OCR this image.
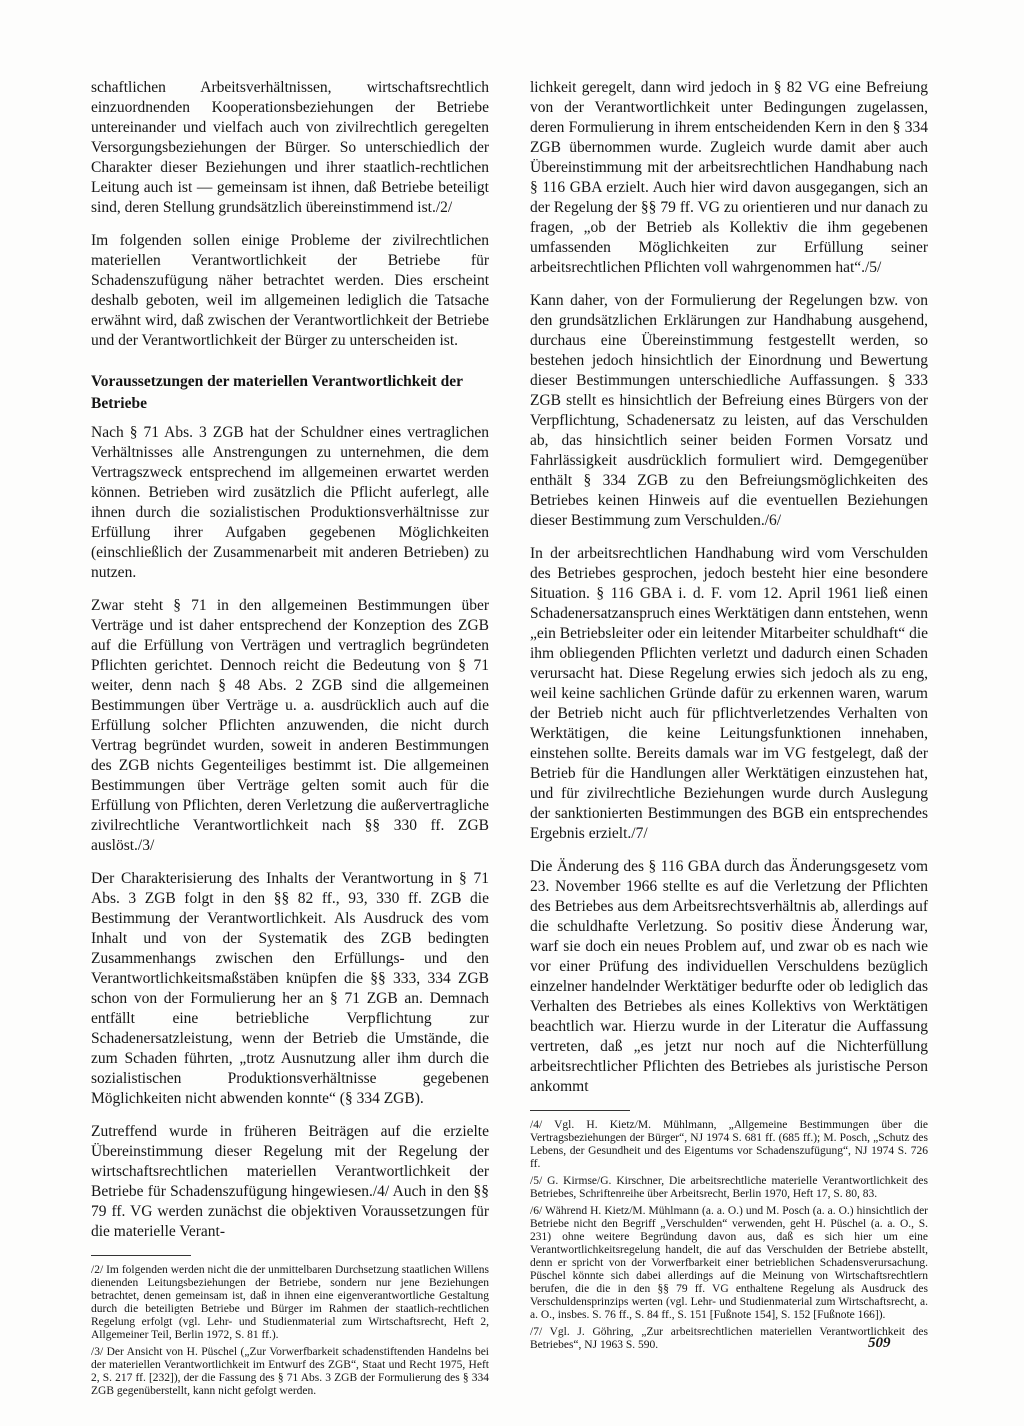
schaftlichen Arbeitsverhältnissen, wirtschaftsrechtlich einzuordnenden Kooperationsbeziehungen der Betriebe untereinander und vielfach auch von zivilrechtlich geregelten Versorgungsbeziehungen der Bürger. So unterschiedlich der Charakter dieser Beziehungen und ihrer staatlich-rechtlichen Leitung auch ist — gemeinsam ist ihnen, daß Betriebe beteiligt sind, deren Stellung grundsätzlich übereinstimmend ist./2/

Im folgenden sollen einige Probleme der zivilrechtlichen materiellen Verantwortlichkeit der Betriebe für Schadenszufügung näher betrachtet werden. Dies erscheint deshalb geboten, weil im allgemeinen lediglich die Tatsache erwähnt wird, daß zwischen der Verantwortlichkeit der Betriebe und der Verantwortlichkeit der Bürger zu unterscheiden ist.

Voraussetzungen der materiellen Verantwortlichkeit der Betriebe

Nach § 71 Abs. 3 ZGB hat der Schuldner eines vertraglichen Verhältnisses alle Anstrengungen zu unternehmen, die dem Vertragszweck entsprechend im allgemeinen erwartet werden können. Betrieben wird zusätzlich die Pflicht auferlegt, alle ihnen durch die sozialistischen Produktionsverhältnisse zur Erfüllung ihrer Aufgaben gegebenen Möglichkeiten (einschließlich der Zusammenarbeit mit anderen Betrieben) zu nutzen.

Zwar steht § 71 in den allgemeinen Bestimmungen über Verträge und ist daher entsprechend der Konzeption des ZGB auf die Erfüllung von Verträgen und vertraglich begründeten Pflichten gerichtet. Dennoch reicht die Bedeutung von § 71 weiter, denn nach § 48 Abs. 2 ZGB sind die allgemeinen Bestimmungen über Verträge u. a. ausdrücklich auch auf die Erfüllung solcher Pflichten anzuwenden, die nicht durch Vertrag begründet wurden, soweit in anderen Bestimmungen des ZGB nichts Gegenteiliges bestimmt ist. Die allgemeinen Bestimmungen über Verträge gelten somit auch für die Erfüllung von Pflichten, deren Verletzung die außervertragliche zivilrechtliche Verantwortlichkeit nach §§ 330 ff. ZGB auslöst./3/

Der Charakterisierung des Inhalts der Verantwortung in § 71 Abs. 3 ZGB folgt in den §§ 82 ff., 93, 330 ff. ZGB die Bestimmung der Verantwortlichkeit. Als Ausdruck des vom Inhalt und von der Systematik des ZGB bedingten Zusammenhangs zwischen den Erfüllungs- und den Verantwortlichkeitsmaßstäben knüpfen die §§ 333, 334 ZGB schon von der Formulierung her an § 71 ZGB an. Demnach entfällt eine betriebliche Verpflichtung zur Schadenersatzleistung, wenn der Betrieb die Umstände, die zum Schaden führten, „trotz Ausnutzung aller ihm durch die sozialistischen Produktionsverhältnisse gegebenen Möglichkeiten nicht abwenden konnte“ (§ 334 ZGB).

Zutreffend wurde in früheren Beiträgen auf die erzielte Übereinstimmung dieser Regelung mit der Regelung der wirtschaftsrechtlichen materiellen Verantwortlichkeit der Betriebe für Schadenszufügung hingewiesen./4/ Auch in den §§ 79 ff. VG werden zunächst die objektiven Voraussetzungen für die materielle Verant-

/2/ Im folgenden werden nicht die der unmittelbaren Durchsetzung staatlichen Willens dienenden Leitungsbeziehungen der Betriebe, sondern nur jene Beziehungen betrachtet, denen gemeinsam ist, daß in ihnen eine eigenverantwortliche Gestaltung durch die beteiligten Betriebe und Bürger im Rahmen der staatlich-rechtlichen Regelung erfolgt (vgl. Lehr- und Studienmaterial zum Wirtschaftsrecht, Heft 2, Allgemeiner Teil, Berlin 1972, S. 81 ff.).

/3/ Der Ansicht von H. Püschel („Zur Vorwerfbarkeit schadenstiftenden Handelns bei der materiellen Verantwortlichkeit im Entwurf des ZGB“, Staat und Recht 1975, Heft 2, S. 217 ff. [232]), der die Fassung des § 71 Abs. 3 ZGB der Formulierung des § 334 ZGB gegenüberstellt, kann nicht gefolgt werden.

lichkeit geregelt, dann wird jedoch in § 82 VG eine Befreiung von der Verantwortlichkeit unter Bedingungen zugelassen, deren Formulierung in ihrem entscheidenden Kern in den § 334 ZGB übernommen wurde. Zugleich wurde damit aber auch Übereinstimmung mit der arbeitsrechtlichen Handhabung nach § 116 GBA erzielt. Auch hier wird davon ausgegangen, sich an der Regelung der §§ 79 ff. VG zu orientieren und nur danach zu fragen, „ob der Betrieb als Kollektiv die ihm gegebenen umfassenden Möglichkeiten zur Erfüllung seiner arbeitsrechtlichen Pflichten voll wahrgenommen hat“./5/

Kann daher, von der Formulierung der Regelungen bzw. von den grundsätzlichen Erklärungen zur Handhabung ausgehend, durchaus eine Übereinstimmung festgestellt werden, so bestehen jedoch hinsichtlich der Einordnung und Bewertung dieser Bestimmungen unterschiedliche Auffassungen. § 333 ZGB stellt es hinsichtlich der Befreiung eines Bürgers von der Verpflichtung, Schadenersatz zu leisten, auf das Verschulden ab, das hinsichtlich seiner beiden Formen Vorsatz und Fahrlässigkeit ausdrücklich formuliert wird. Demgegenüber enthält § 334 ZGB zu den Befreiungsmöglichkeiten des Betriebes keinen Hinweis auf die eventuellen Beziehungen dieser Bestimmung zum Verschulden./6/

In der arbeitsrechtlichen Handhabung wird vom Verschulden des Betriebes gesprochen, jedoch besteht hier eine besondere Situation. § 116 GBA i. d. F. vom 12. April 1961 ließ einen Schadenersatzanspruch eines Werktätigen dann entstehen, wenn „ein Betriebsleiter oder ein leitender Mitarbeiter schuldhaft“ die ihm obliegenden Pflichten verletzt und dadurch einen Schaden verursacht hat. Diese Regelung erwies sich jedoch als zu eng, weil keine sachlichen Gründe dafür zu erkennen waren, warum der Betrieb nicht auch für pflichtverletzendes Verhalten von Werktätigen, die keine Leitungsfunktionen innehaben, einstehen sollte. Bereits damals war im VG festgelegt, daß der Betrieb für die Handlungen aller Werktätigen einzustehen hat, und für zivilrechtliche Beziehungen wurde durch Auslegung der sanktionierten Bestimmungen des BGB ein entsprechendes Ergebnis erzielt./7/

Die Änderung des § 116 GBA durch das Änderungsgesetz vom 23. November 1966 stellte es auf die Verletzung der Pflichten des Betriebes aus dem Arbeitsrechtsverhältnis ab, allerdings auf die schuldhafte Verletzung. So positiv diese Änderung war, warf sie doch ein neues Problem auf, und zwar ob es nach wie vor einer Prüfung des individuellen Verschuldens bezüglich einzelner handelnder Werktätiger bedurfte oder ob lediglich das Verhalten des Betriebes als eines Kollektivs von Werktätigen beachtlich war. Hierzu wurde in der Literatur die Auffassung vertreten, daß „es jetzt nur noch auf die Nichterfüllung arbeitsrechtlicher Pflichten des Betriebes als juristische Person ankommt

/4/ Vgl. H. Kietz/M. Mühlmann, „Allgemeine Bestimmungen über die Vertragsbeziehungen der Bürger“, NJ 1974 S. 681 ff. (685 ff.); M. Posch, „Schutz des Lebens, der Gesundheit und des Eigentums vor Schadenszufügung“, NJ 1974 S. 726 ff.

/5/ G. Kirmse/G. Kirschner, Die arbeitsrechtliche materielle Verantwortlichkeit des Betriebes, Schriftenreihe über Arbeitsrecht, Berlin 1970, Heft 17, S. 80, 83.

/6/ Während H. Kietz/M. Mühlmann (a. a. O.) und M. Posch (a. a. O.) hinsichtlich der Betriebe nicht den Begriff „Verschulden“ verwenden, geht H. Püschel (a. a. O., S. 231) ohne weitere Begründung davon aus, daß es sich hier um eine Verantwortlichkeitsregelung handelt, die auf das Verschulden der Betriebe abstellt, denn er spricht von der Vorwerfbarkeit einer betrieblichen Schadensverursachung. Püschel könnte sich dabei allerdings auf die Meinung von Wirtschaftsrechtlern berufen, die die in den §§ 79 ff. VG enthaltene Regelung als Ausdruck des Verschuldensprinzips werten (vgl. Lehr- und Studienmaterial zum Wirtschaftsrecht, a. a. O., insbes. S. 76 ff., S. 84 ff., S. 151 [Fußnote 154], S. 152 [Fußnote 166]).

/7/ Vgl. J. Göhring, „Zur arbeitsrechtlichen materiellen Verantwortlichkeit des Betriebes“, NJ 1963 S. 590.	509
